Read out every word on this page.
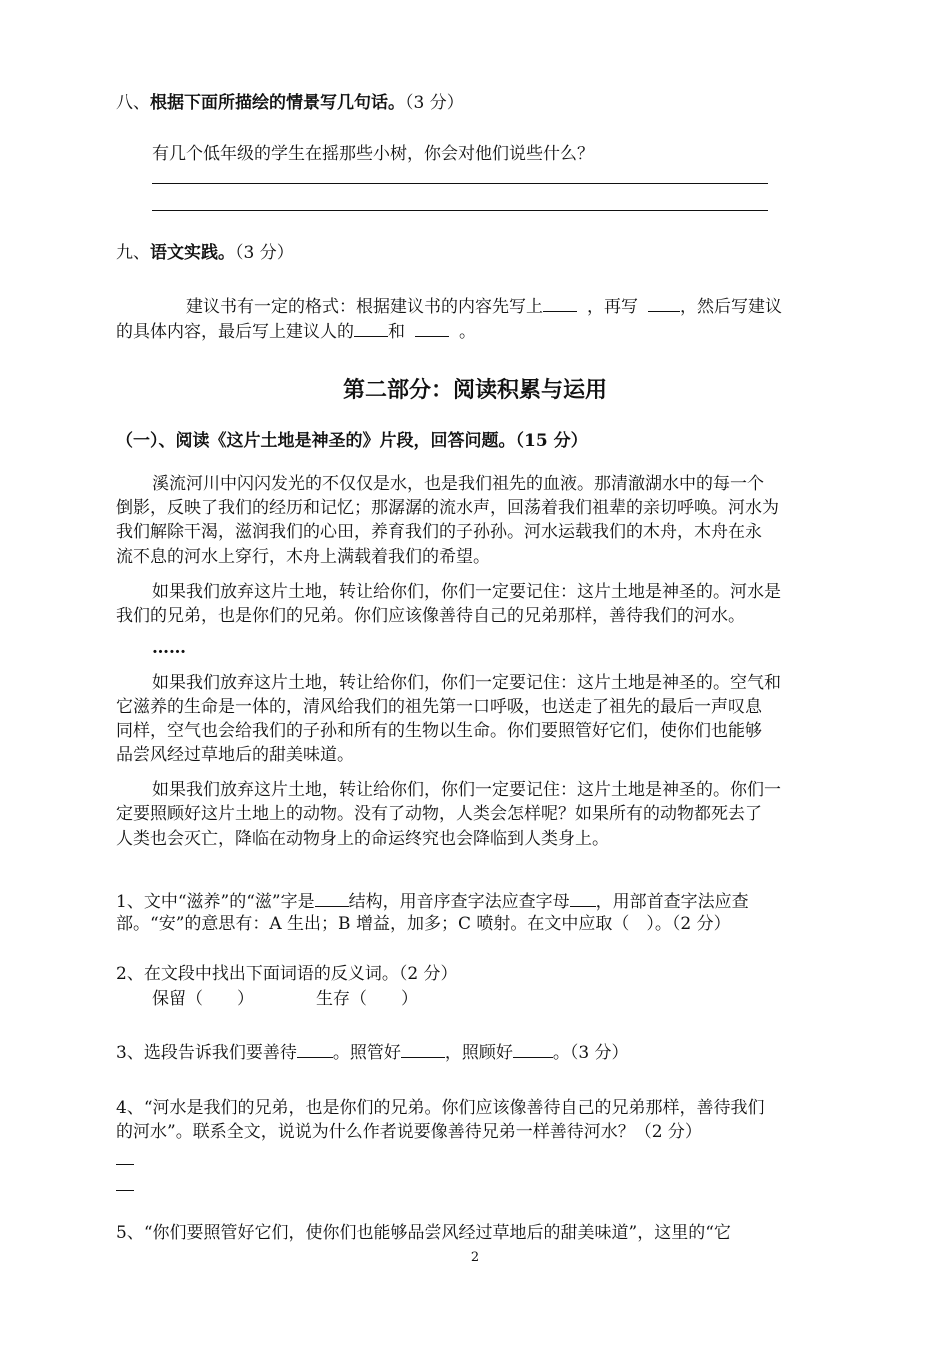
八、根据下面所描绘的情景写几句话。（3 分）
有几个低年级的学生在摇那些小树，你会对他们说些什么？
九、语文实践。（3 分）
建议书有一定的格式：根据建议书的内容先写上	，再写 ，然后写建议
的具体内容，最后写上建议人的 和	。
第二部分：阅读积累与运用
（一）、阅读《这片土地是神圣的》片段，回答问题。（15 分）
溪流河川中闪闪发光的不仅仅是水，也是我们祖先的血液。那清澈湖水中的每一个
倒影，反映了我们的经历和记忆；那潺潺的流水声，回荡着我们祖辈的亲切呼唤。河水为
我们解除干渴，滋润我们的心田，养育我们的子孙孙。河水运载我们的木舟，木舟在永
流不息的河水上穿行，木舟上满载着我们的希望。
如果我们放弃这片土地，转让给你们，你们一定要记住：这片土地是神圣的。河水是
我们的兄弟，也是你们的兄弟。你们应该像善待自己的兄弟那样，善待我们的河水。
……
如果我们放弃这片土地，转让给你们，你们一定要记住：这片土地是神圣的。空气和
它滋养的生命是一体的，清风给我们的祖先第一口呼吸，也送走了祖先的最后一声叹息
同样，空气也会给我们的子孙和所有的生物以生命。你们要照管好它们，使你们也能够
品尝风经过草地后的甜美味道。
如果我们放弃这片土地，转让给你们，你们一定要记住：这片土地是神圣的。你们一
定要照顾好这片土地上的动物。没有了动物，人类会怎样呢？如果所有的动物都死去了
人类也会灭亡，降临在动物身上的命运终究也会降临到人类身上。
1、文中“滋养”的“滋”字是 结构，用音序查字法应查字母 ，用部首查字法应查
部。“安”的意思有：A 生出；B 增益，加多；C 喷射。在文中应取（　）。（2 分）
2、在文段中找出下面词语的反义词。（2 分）
保留（　　）	生存（　　）
3、选段告诉我们要善待 。照管好	，照顾好 。（3 分）
4、“河水是我们的兄弟，也是你们的兄弟。你们应该像善待自己的兄弟那样，善待我们
的河水”。联系全文，说说为什么作者说要像善待兄弟一样善待河水？（2 分）
5、“你们要照管好它们，使你们也能够品尝风经过草地后的甜美味道”，这里的“它
2
